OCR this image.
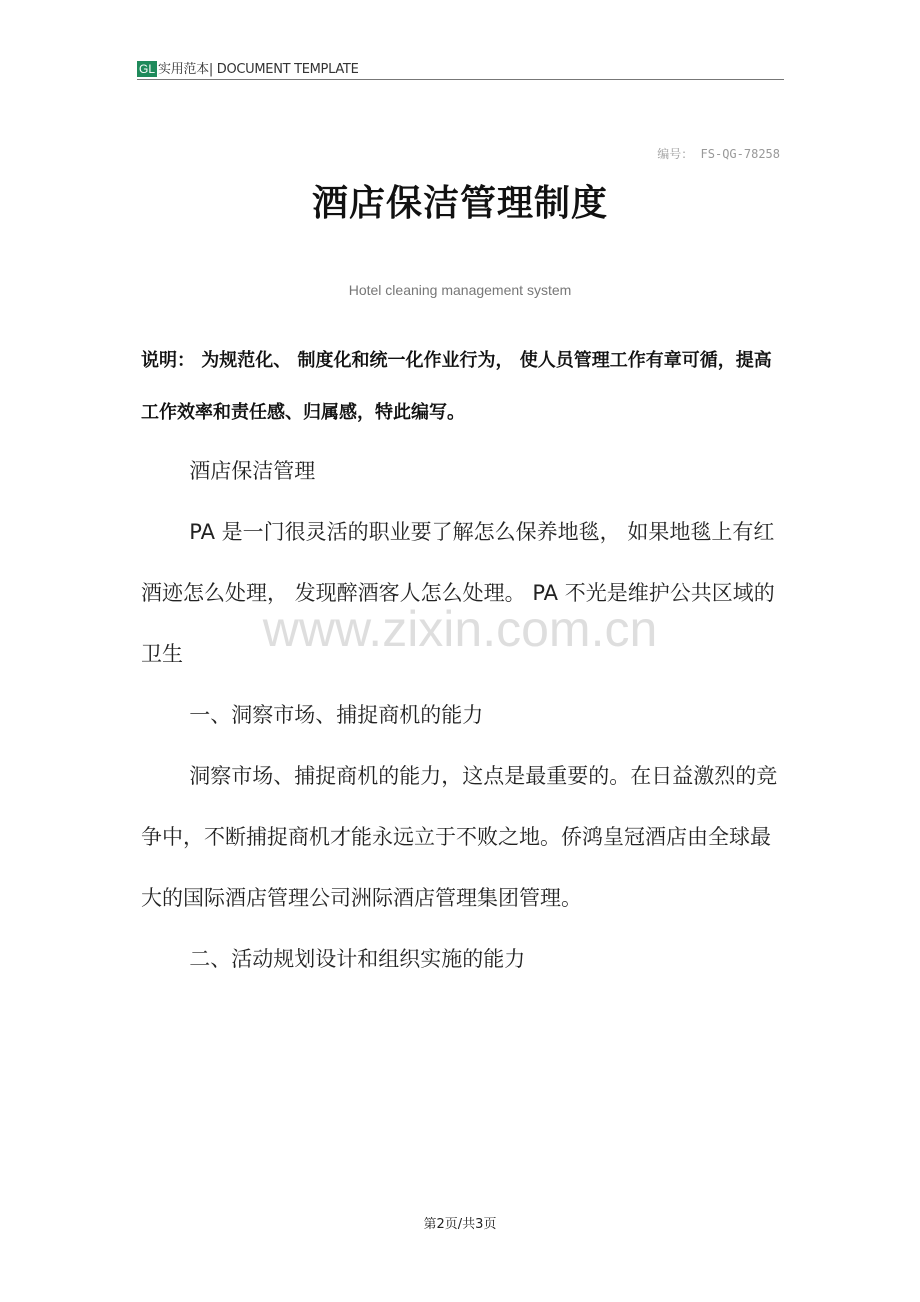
GL 实用范本| DOCUMENT TEMPLATE
编号： FS-QG-78258
酒店保洁管理制度
Hotel cleaning management system
说明： 为规范化、 制度化和统一化作业行为， 使人员管理工作有章可循，提高工作效率和责任感、归属感，特此编写。

酒店保洁管理

PA 是一门很灵活的职业要了解怎么保养地毯， 如果地毯上有红酒迹怎么处理， 发现醉酒客人怎么处理。 PA 不光是维护公共区域的卫生

一、洞察市场、捕捉商机的能力

洞察市场、捕捉商机的能力，这点是最重要的。在日益激烈的竞争中，不断捕捉商机才能永远立于不败之地。侨鸿皇冠酒店由全球最大的国际酒店管理公司洲际酒店管理集团管理。

二、活动规划设计和组织实施的能力

www.zixin.com.cn
第2页/共3页
